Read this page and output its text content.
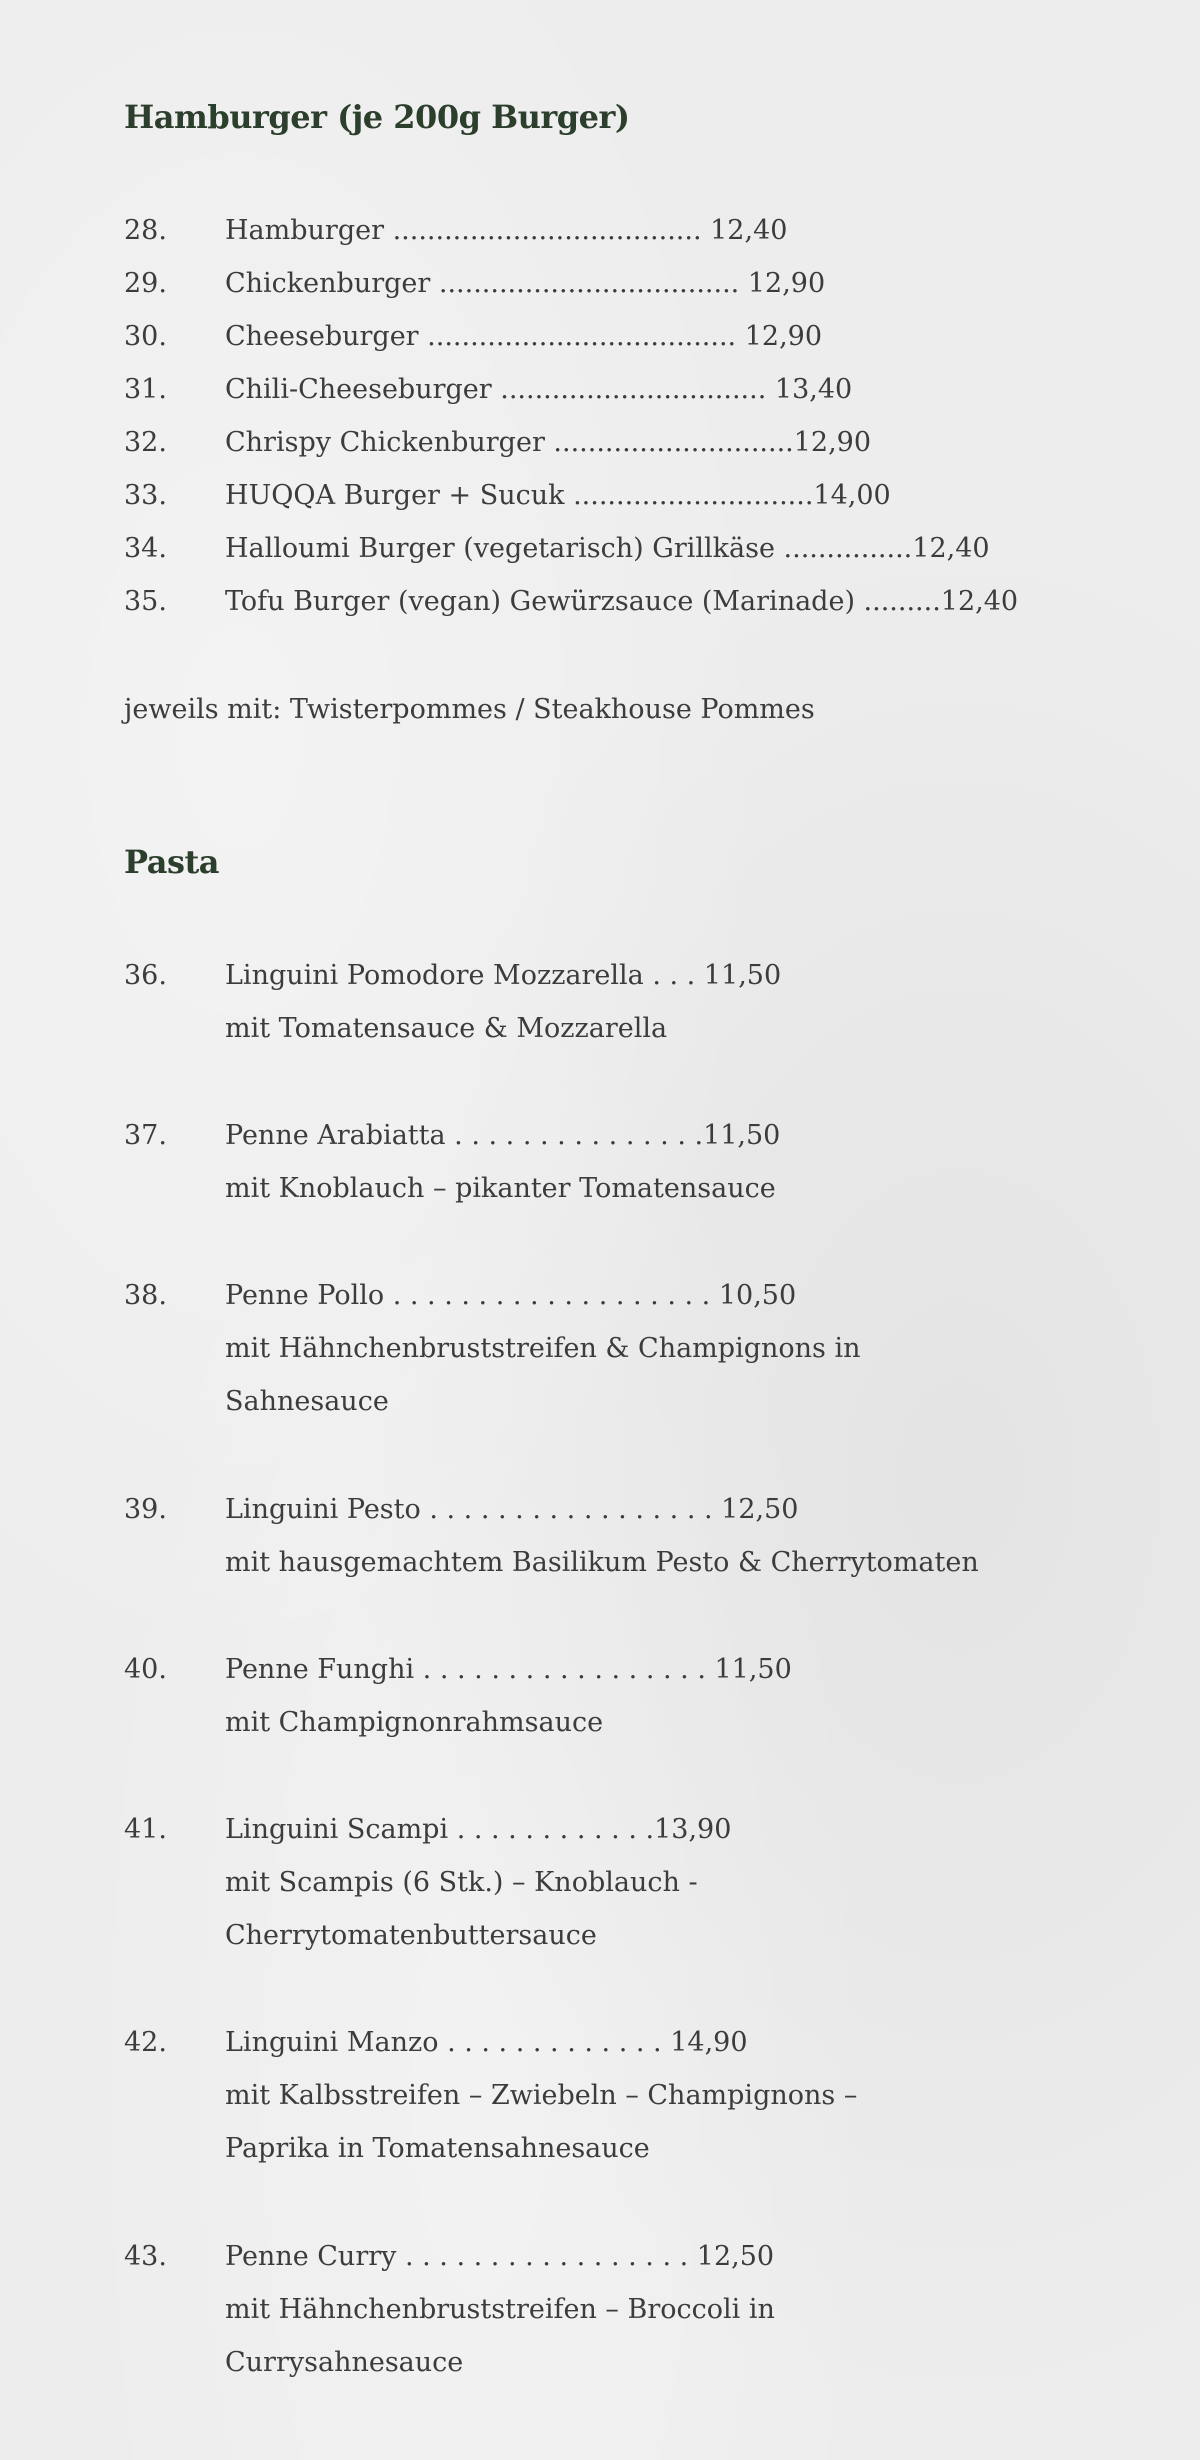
Hamburger (je 200g Burger)
28.	Hamburger .................................... 12,40
29.	Chickenburger ................................... 12,90
30.	Cheeseburger .................................... 12,90
31.	Chili-Cheeseburger ............................... 13,40
32.	Chrispy Chickenburger ............................12,90
33.	HUQQA Burger + Sucuk ............................14,00
34.	Halloumi Burger (vegetarisch) Grillkäse ...............12,40
35.	Tofu Burger (vegan) Gewürzsauce (Marinade) .........12,40
jeweils mit: Twisterpommes / Steakhouse Pommes
Pasta
36.	Linguini Pomodore Mozzarella . . . 11,50
mit Tomatensauce & Mozzarella
37.	Penne Arabiatta . . . . . . . . . . . . . . .11,50
mit Knoblauch – pikanter Tomatensauce
38.	Penne Pollo . . . . . . . . . . . . . . . . . . . 10,50
mit Hähnchenbruststreifen & Champignons in
Sahnesauce
39.	Linguini Pesto . . . . . . . . . . . . . . . . . 12,50
mit hausgemachtem Basilikum Pesto & Cherrytomaten
40.	Penne Funghi . . . . . . . . . . . . . . . . . 11,50
mit Champignonrahmsauce
41.	Linguini Scampi . . . . . . . . . . . .13,90
mit Scampis (6 Stk.) – Knoblauch -
Cherrytomatenbuttersauce
42.	Linguini Manzo . . . . . . . . . . . . . 14,90
mit Kalbsstreifen – Zwiebeln – Champignons –
Paprika in Tomatensahnesauce
43.	Penne Curry . . . . . . . . . . . . . . . . . 12,50
mit Hähnchenbruststreifen – Broccoli in
Currysahnesauce
